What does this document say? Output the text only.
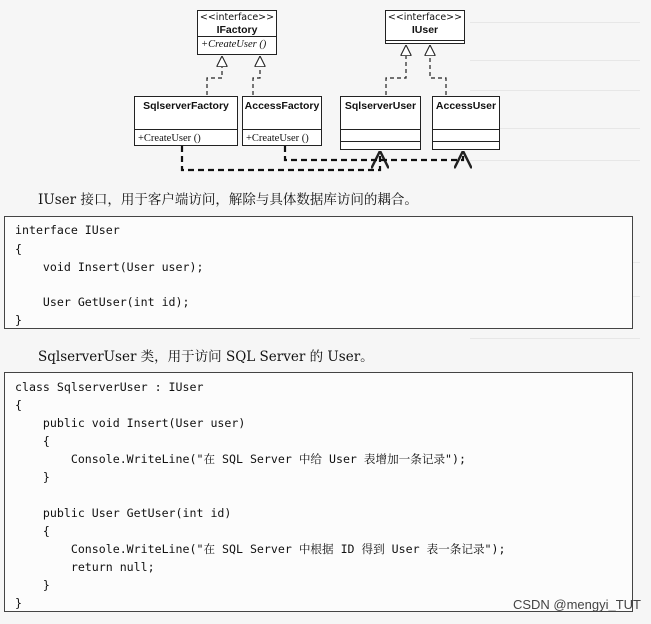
<<interface>>
IFactory
+CreateUser ()
<<interface>>
IUser
SqlserverFactory
+CreateUser ()
AccessFactory
+CreateUser ()
SqlserverUser	AccessUser
IUser 接口，用于客户端访问，解除与具体数据库访问的耦合。
interface IUser
{
void Insert(User user);
User GetUser(int id);
}
SqlserverUser 类，用于访问 SQL Server 的 User。
class SqlserverUser : IUser
{
public void Insert(User user)
{
Console.WriteLine("在 SQL Server 中给 User 表增加一条记录");
}
public User GetUser(int id)
{
Console.WriteLine("在 SQL Server 中根据 ID 得到 User 表一条记录");
return null;
}
}	CSDN @mengyi_TUT
